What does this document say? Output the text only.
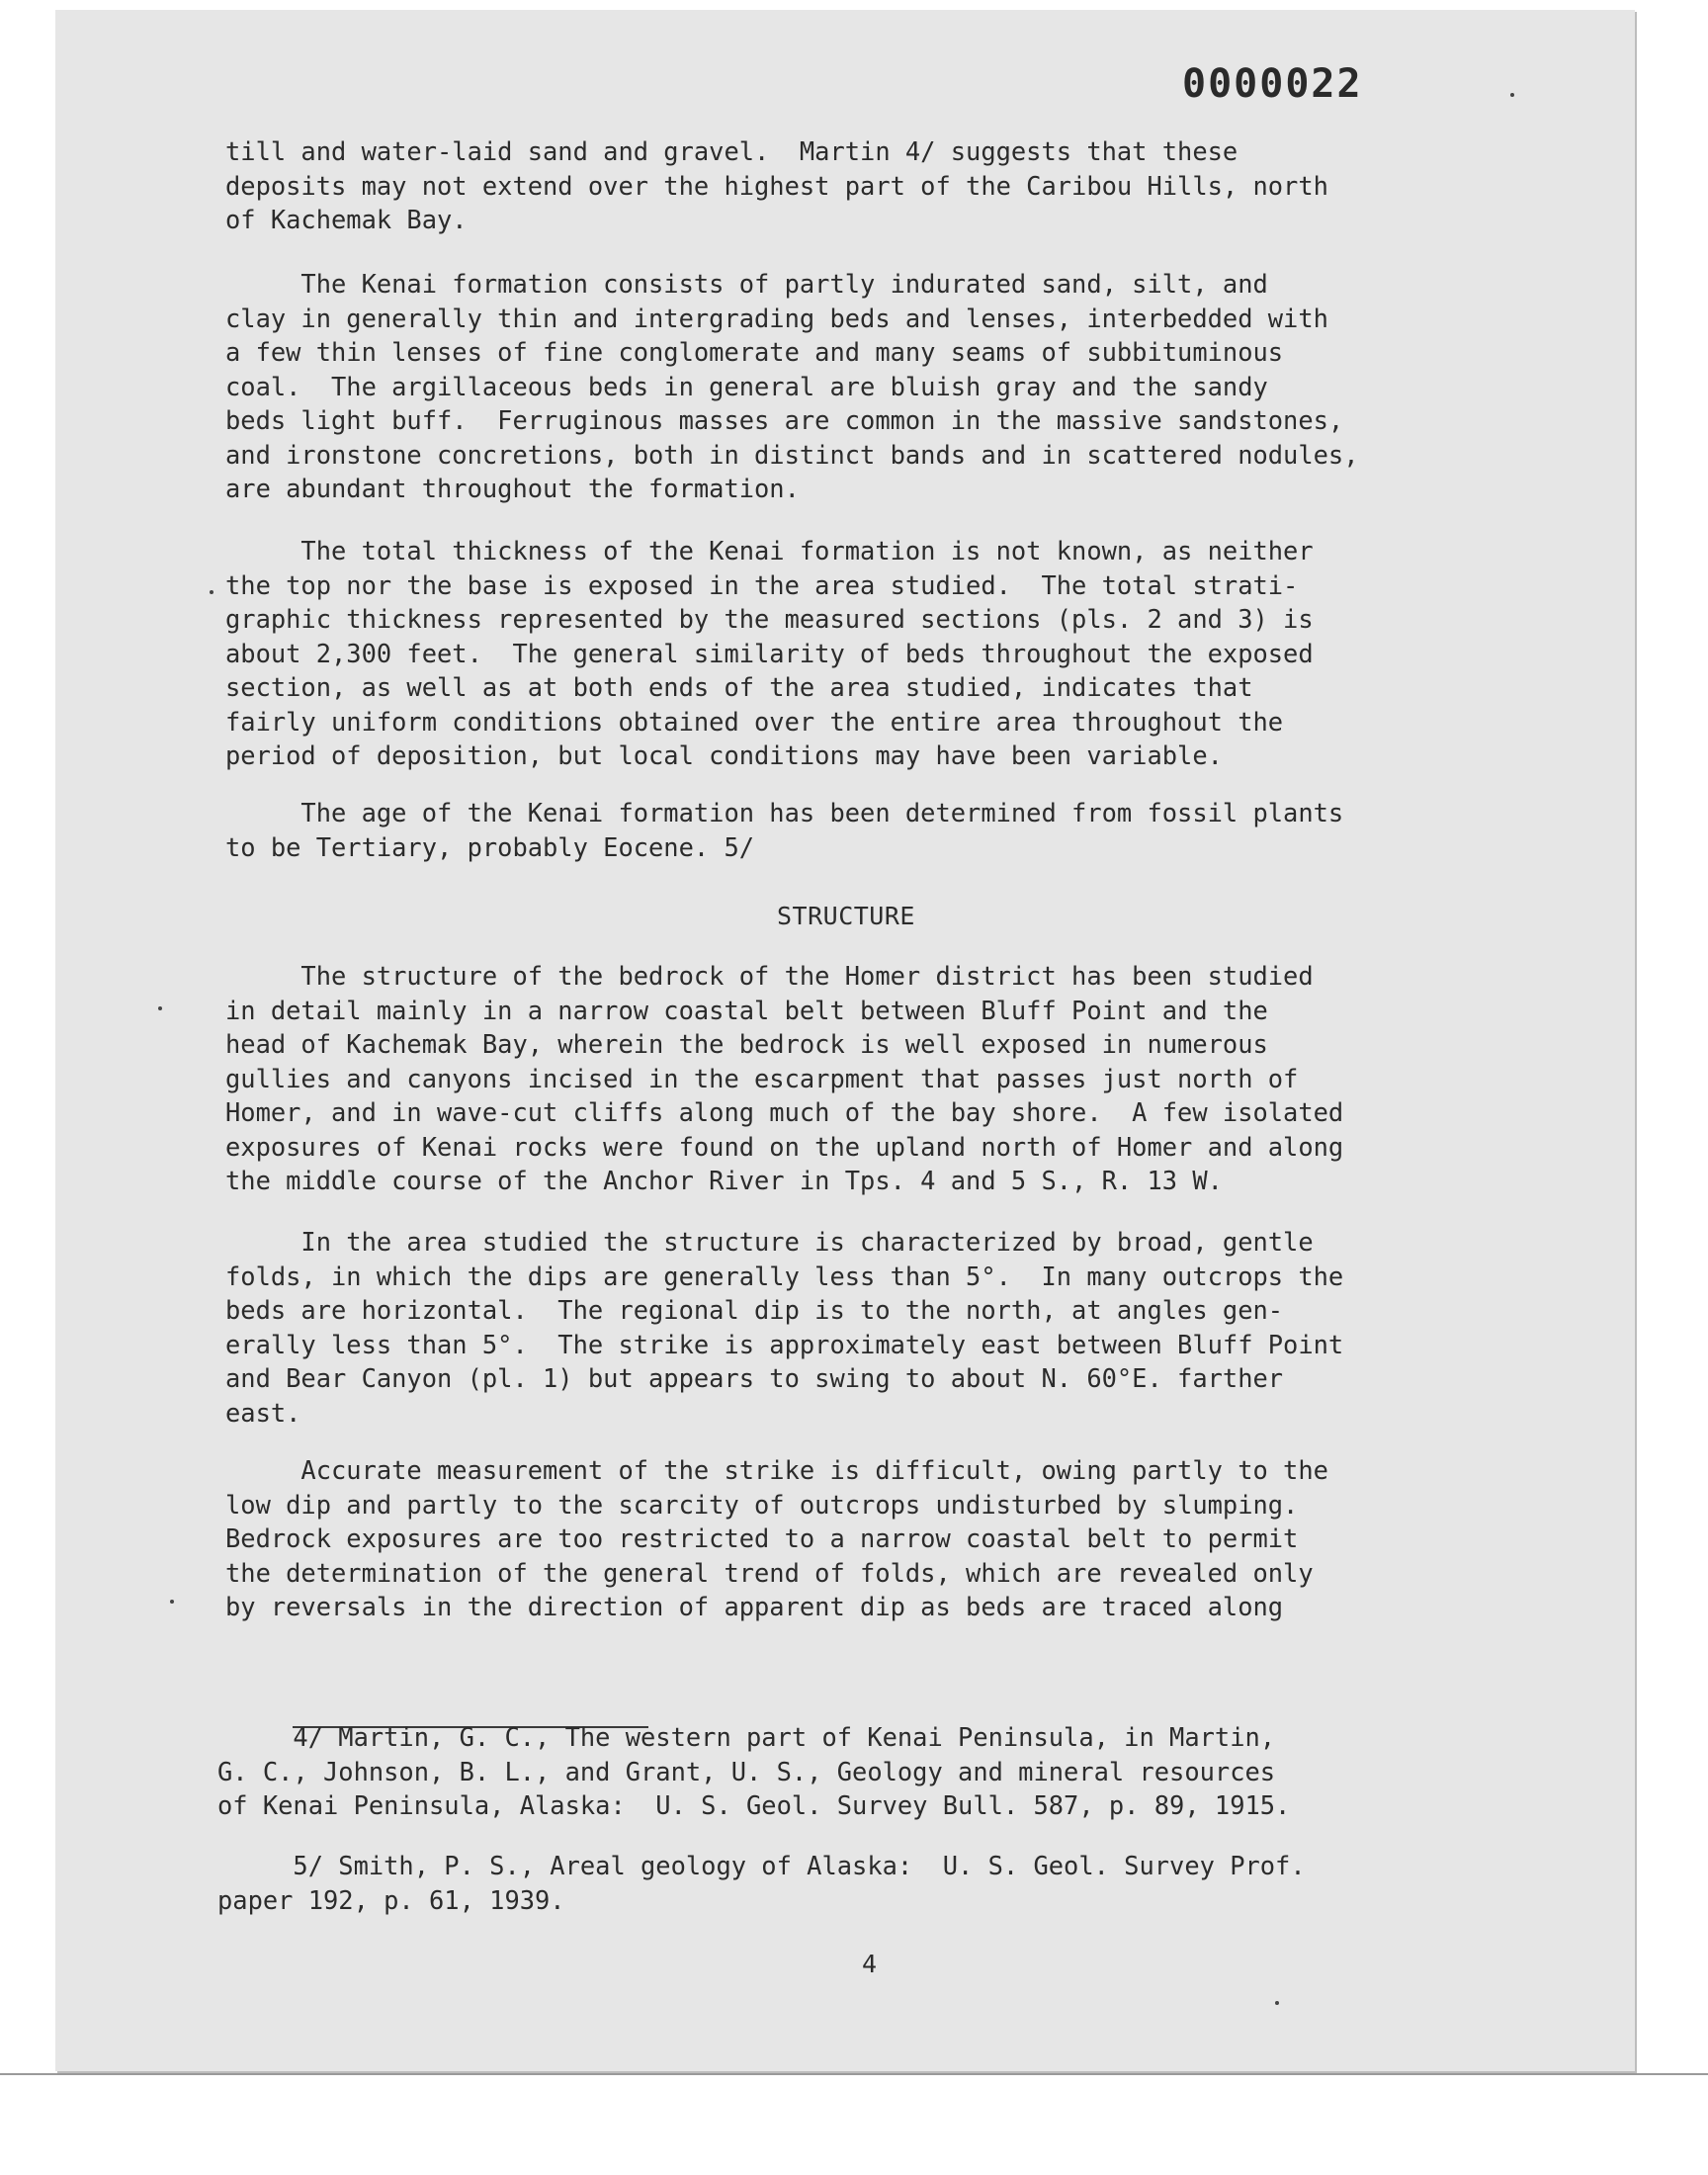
0000022

till and water-laid sand and gravel.  Martin 4/ suggests that these
deposits may not extend over the highest part of the Caribou Hills, north
of Kachemak Bay.

The Kenai formation consists of partly indurated sand, silt, and
clay in generally thin and intergrading beds and lenses, interbedded with
a few thin lenses of fine conglomerate and many seams of subbituminous
coal.  The argillaceous beds in general are bluish gray and the sandy
beds light buff.  Ferruginous masses are common in the massive sandstones,
and ironstone concretions, both in distinct bands and in scattered nodules,
are abundant throughout the formation.

The total thickness of the Kenai formation is not known, as neither
the top nor the base is exposed in the area studied.  The total strati-
graphic thickness represented by the measured sections (pls. 2 and 3) is
about 2,300 feet.  The general similarity of beds throughout the exposed
section, as well as at both ends of the area studied, indicates that
fairly uniform conditions obtained over the entire area throughout the
period of deposition, but local conditions may have been variable.

The age of the Kenai formation has been determined from fossil plants
to be Tertiary, probably Eocene. 5/

STRUCTURE

The structure of the bedrock of the Homer district has been studied
in detail mainly in a narrow coastal belt between Bluff Point and the
head of Kachemak Bay, wherein the bedrock is well exposed in numerous
gullies and canyons incised in the escarpment that passes just north of
Homer, and in wave-cut cliffs along much of the bay shore.  A few isolated
exposures of Kenai rocks were found on the upland north of Homer and along
the middle course of the Anchor River in Tps. 4 and 5 S., R. 13 W.

In the area studied the structure is characterized by broad, gentle
folds, in which the dips are generally less than 5°.  In many outcrops the
beds are horizontal.  The regional dip is to the north, at angles gen-
erally less than 5°.  The strike is approximately east between Bluff Point
and Bear Canyon (pl. 1) but appears to swing to about N. 60°E. farther
east.

Accurate measurement of the strike is difficult, owing partly to the
low dip and partly to the scarcity of outcrops undisturbed by slumping.
Bedrock exposures are too restricted to a narrow coastal belt to permit
the determination of the general trend of folds, which are revealed only
by reversals in the direction of apparent dip as beds are traced along

4/ Martin, G. C., The western part of Kenai Peninsula, in Martin,
G. C., Johnson, B. L., and Grant, U. S., Geology and mineral resources
of Kenai Peninsula, Alaska:  U. S. Geol. Survey Bull. 587, p. 89, 1915.

5/ Smith, P. S., Areal geology of Alaska:  U. S. Geol. Survey Prof.
paper 192, p. 61, 1939.

4
